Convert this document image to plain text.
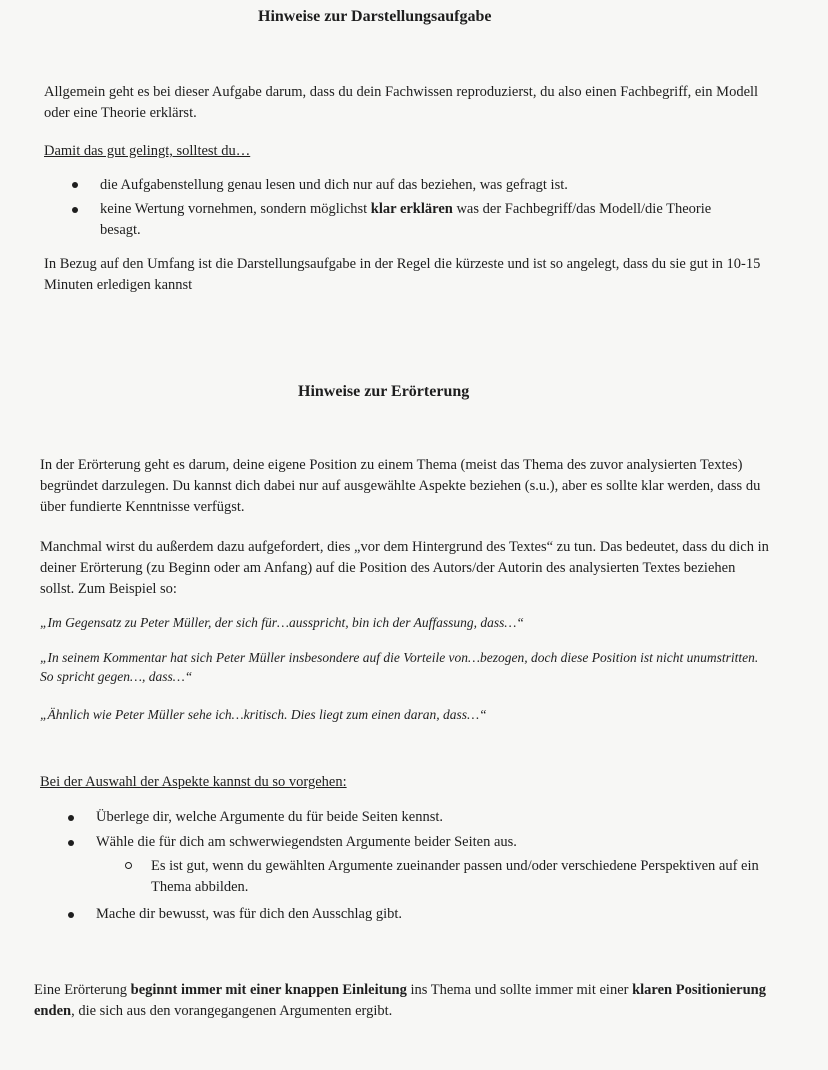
Hinweise zur Darstellungsaufgabe

Allgemein geht es bei dieser Aufgabe darum, dass du dein Fachwissen reproduzierst, du also einen Fachbegriff, ein Modell oder eine Theorie erklärst.

Damit das gut gelingt, solltest du…

die Aufgabenstellung genau lesen und dich nur auf das beziehen, was gefragt ist.

keine Wertung vornehmen, sondern möglichst klar erklären was der Fachbegriff/das Modell/die Theorie besagt.

In Bezug auf den Umfang ist die Darstellungsaufgabe in der Regel die kürzeste und ist so angelegt, dass du sie gut in 10-15 Minuten erledigen kannst

Hinweise zur Erörterung

In der Erörterung geht es darum, deine eigene Position zu einem Thema (meist das Thema des zuvor analysierten Textes) begründet darzulegen. Du kannst dich dabei nur auf ausgewählte Aspekte beziehen (s.u.), aber es sollte klar werden, dass du über fundierte Kenntnisse verfügst.

Manchmal wirst du außerdem dazu aufgefordert, dies „vor dem Hintergrund des Textes“ zu tun. Das bedeutet, dass du dich in deiner Erörterung (zu Beginn oder am Anfang) auf die Position des Autors/der Autorin des analysierten Textes beziehen sollst. Zum Beispiel so:

„Im Gegensatz zu Peter Müller, der sich für…ausspricht, bin ich der Auffassung, dass…“

„In seinem Kommentar hat sich Peter Müller insbesondere auf die Vorteile von…bezogen, doch diese Position ist nicht unumstritten. So spricht gegen…, dass…“

„Ähnlich wie Peter Müller sehe ich…kritisch. Dies liegt zum einen daran, dass…“

Bei der Auswahl der Aspekte kannst du so vorgehen:

Überlege dir, welche Argumente du für beide Seiten kennst.

Wähle die für dich am schwerwiegendsten Argumente beider Seiten aus.

Es ist gut, wenn du gewählten Argumente zueinander passen und/oder verschiedene Perspektiven auf ein Thema abbilden.

Mache dir bewusst, was für dich den Ausschlag gibt.

Eine Erörterung beginnt immer mit einer knappen Einleitung ins Thema und sollte immer mit einer klaren Positionierung enden, die sich aus den vorangegangenen Argumenten ergibt.
